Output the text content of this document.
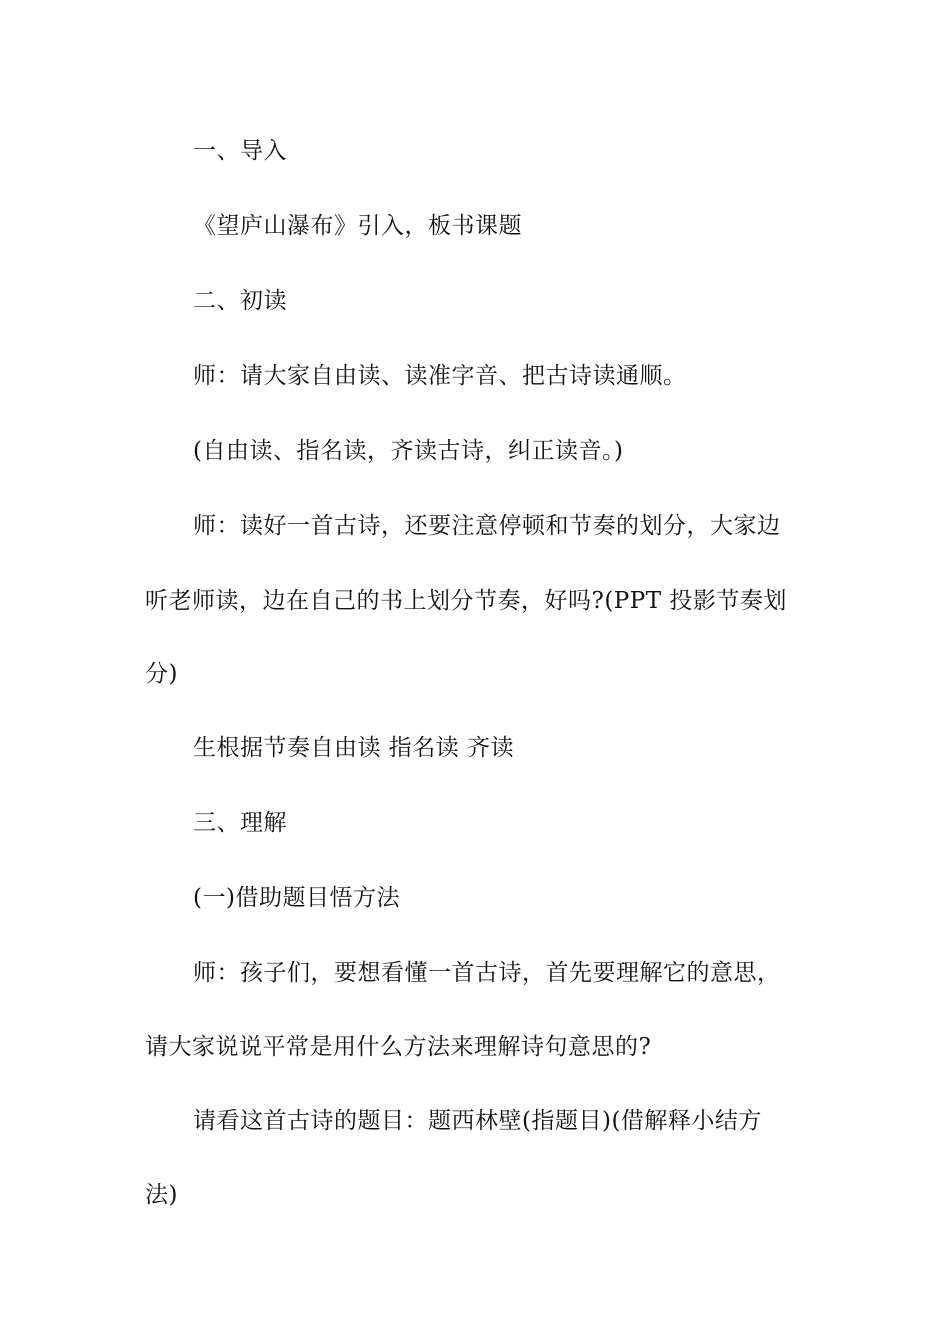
一、导入
《望庐山瀑布》引入，板书课题
二、初读
师：请大家自由读、读准字音、把古诗读通顺。
(自由读、指名读，齐读古诗，纠正读音。)
师：读好一首古诗，还要注意停顿和节奏的划分，大家边
听老师读，边在自己的书上划分节奏，好吗?(PPT 投影节奏划
分)
生根据节奏自由读 指名读 齐读
三、理解
(一)借助题目悟方法
师：孩子们，要想看懂一首古诗，首先要理解它的意思，
请大家说说平常是用什么方法来理解诗句意思的?
请看这首古诗的题目：题西林壁(指题目)(借解释小结方
法)
